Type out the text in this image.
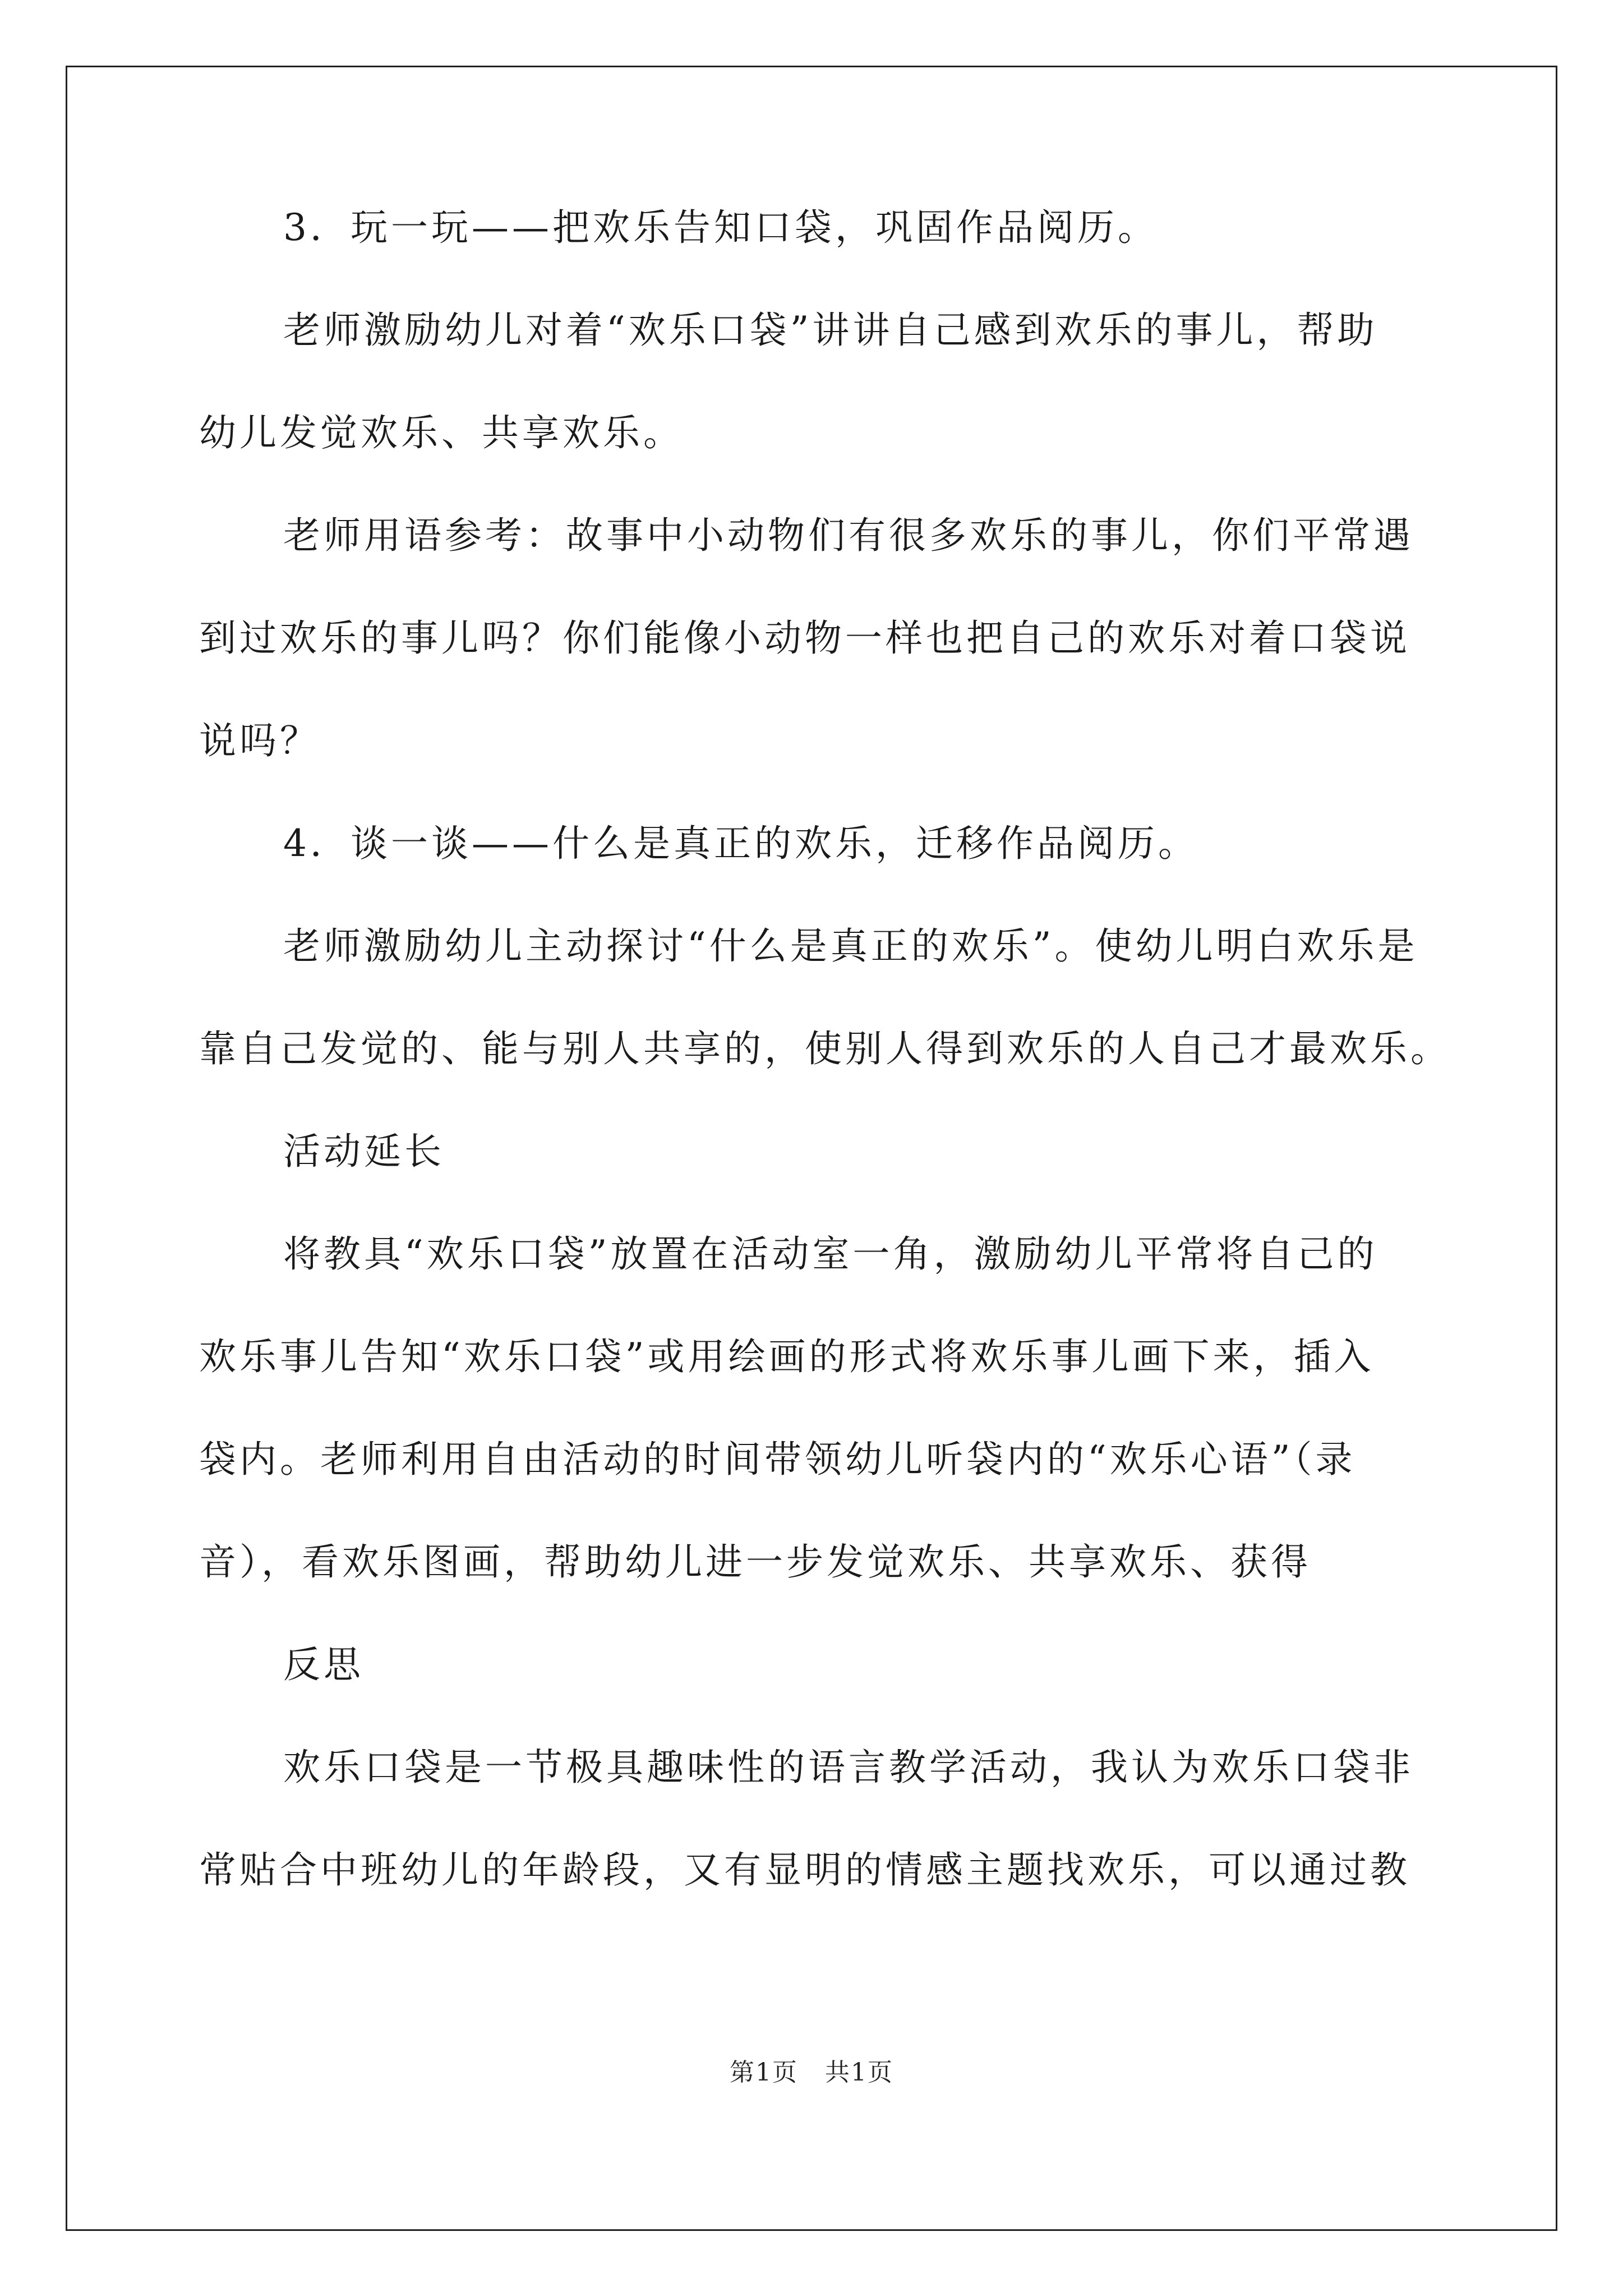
3．玩一玩——把欢乐告知口袋，巩固作品阅历。
老师激励幼儿对着“欢乐口袋”讲讲自己感到欢乐的事儿，帮助
幼儿发觉欢乐、共享欢乐。
老师用语参考：故事中小动物们有很多欢乐的事儿，你们平常遇
到过欢乐的事儿吗？你们能像小动物一样也把自己的欢乐对着口袋说
说吗？
4．谈一谈——什么是真正的欢乐，迁移作品阅历。
老师激励幼儿主动探讨“什么是真正的欢乐”。使幼儿明白欢乐是
靠自己发觉的、能与别人共享的，使别人得到欢乐的人自己才最欢乐。
活动延长
将教具“欢乐口袋”放置在活动室一角，激励幼儿平常将自己的
欢乐事儿告知“欢乐口袋”或用绘画的形式将欢乐事儿画下来，插入
袋内。老师利用自由活动的时间带领幼儿听袋内的“欢乐心语”（录
音），看欢乐图画，帮助幼儿进一步发觉欢乐、共享欢乐、获得
反思
欢乐口袋是一节极具趣味性的语言教学活动，我认为欢乐口袋非
常贴合中班幼儿的年龄段，又有显明的情感主题找欢乐，可以通过教
第1页 共1页
